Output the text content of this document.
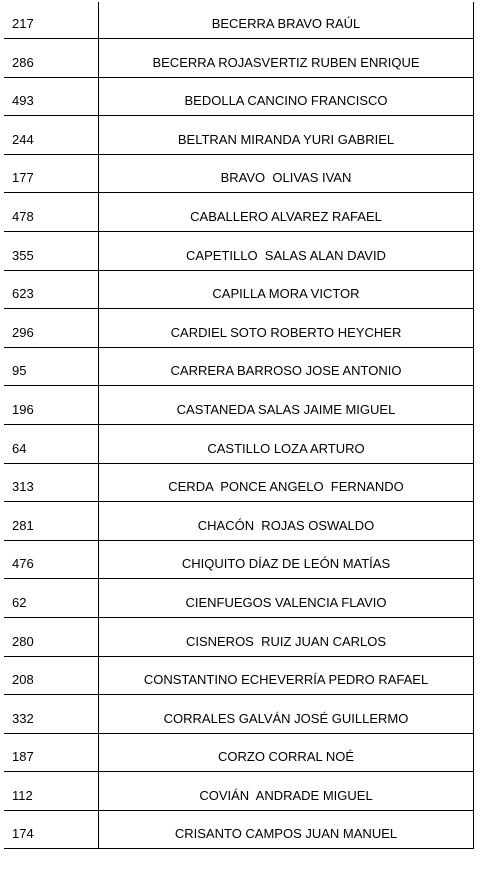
217	BECERRA BRAVO RAÚL
286	BECERRA ROJASVERTIZ RUBEN ENRIQUE
493	BEDOLLA CANCINO FRANCISCO
244	BELTRAN MIRANDA YURI GABRIEL
177	BRAVO  OLIVAS IVAN
478	CABALLERO ALVAREZ RAFAEL
355	CAPETILLO  SALAS ALAN DAVID
623	CAPILLA MORA VICTOR
296	CARDIEL SOTO ROBERTO HEYCHER
95	CARRERA BARROSO JOSE ANTONIO
196	CASTANEDA SALAS JAIME MIGUEL
64	CASTILLO LOZA ARTURO
313	CERDA  PONCE ANGELO  FERNANDO
281	CHACÓN  ROJAS OSWALDO
476	CHIQUITO DÍAZ DE LEÓN MATÍAS
62	CIENFUEGOS VALENCIA FLAVIO
280	CISNEROS  RUIZ JUAN CARLOS
208	CONSTANTINO ECHEVERRÍA PEDRO RAFAEL
332	CORRALES GALVÁN JOSÉ GUILLERMO
187	CORZO CORRAL NOÉ
112	COVIÁN  ANDRADE MIGUEL
174	CRISANTO CAMPOS JUAN MANUEL
